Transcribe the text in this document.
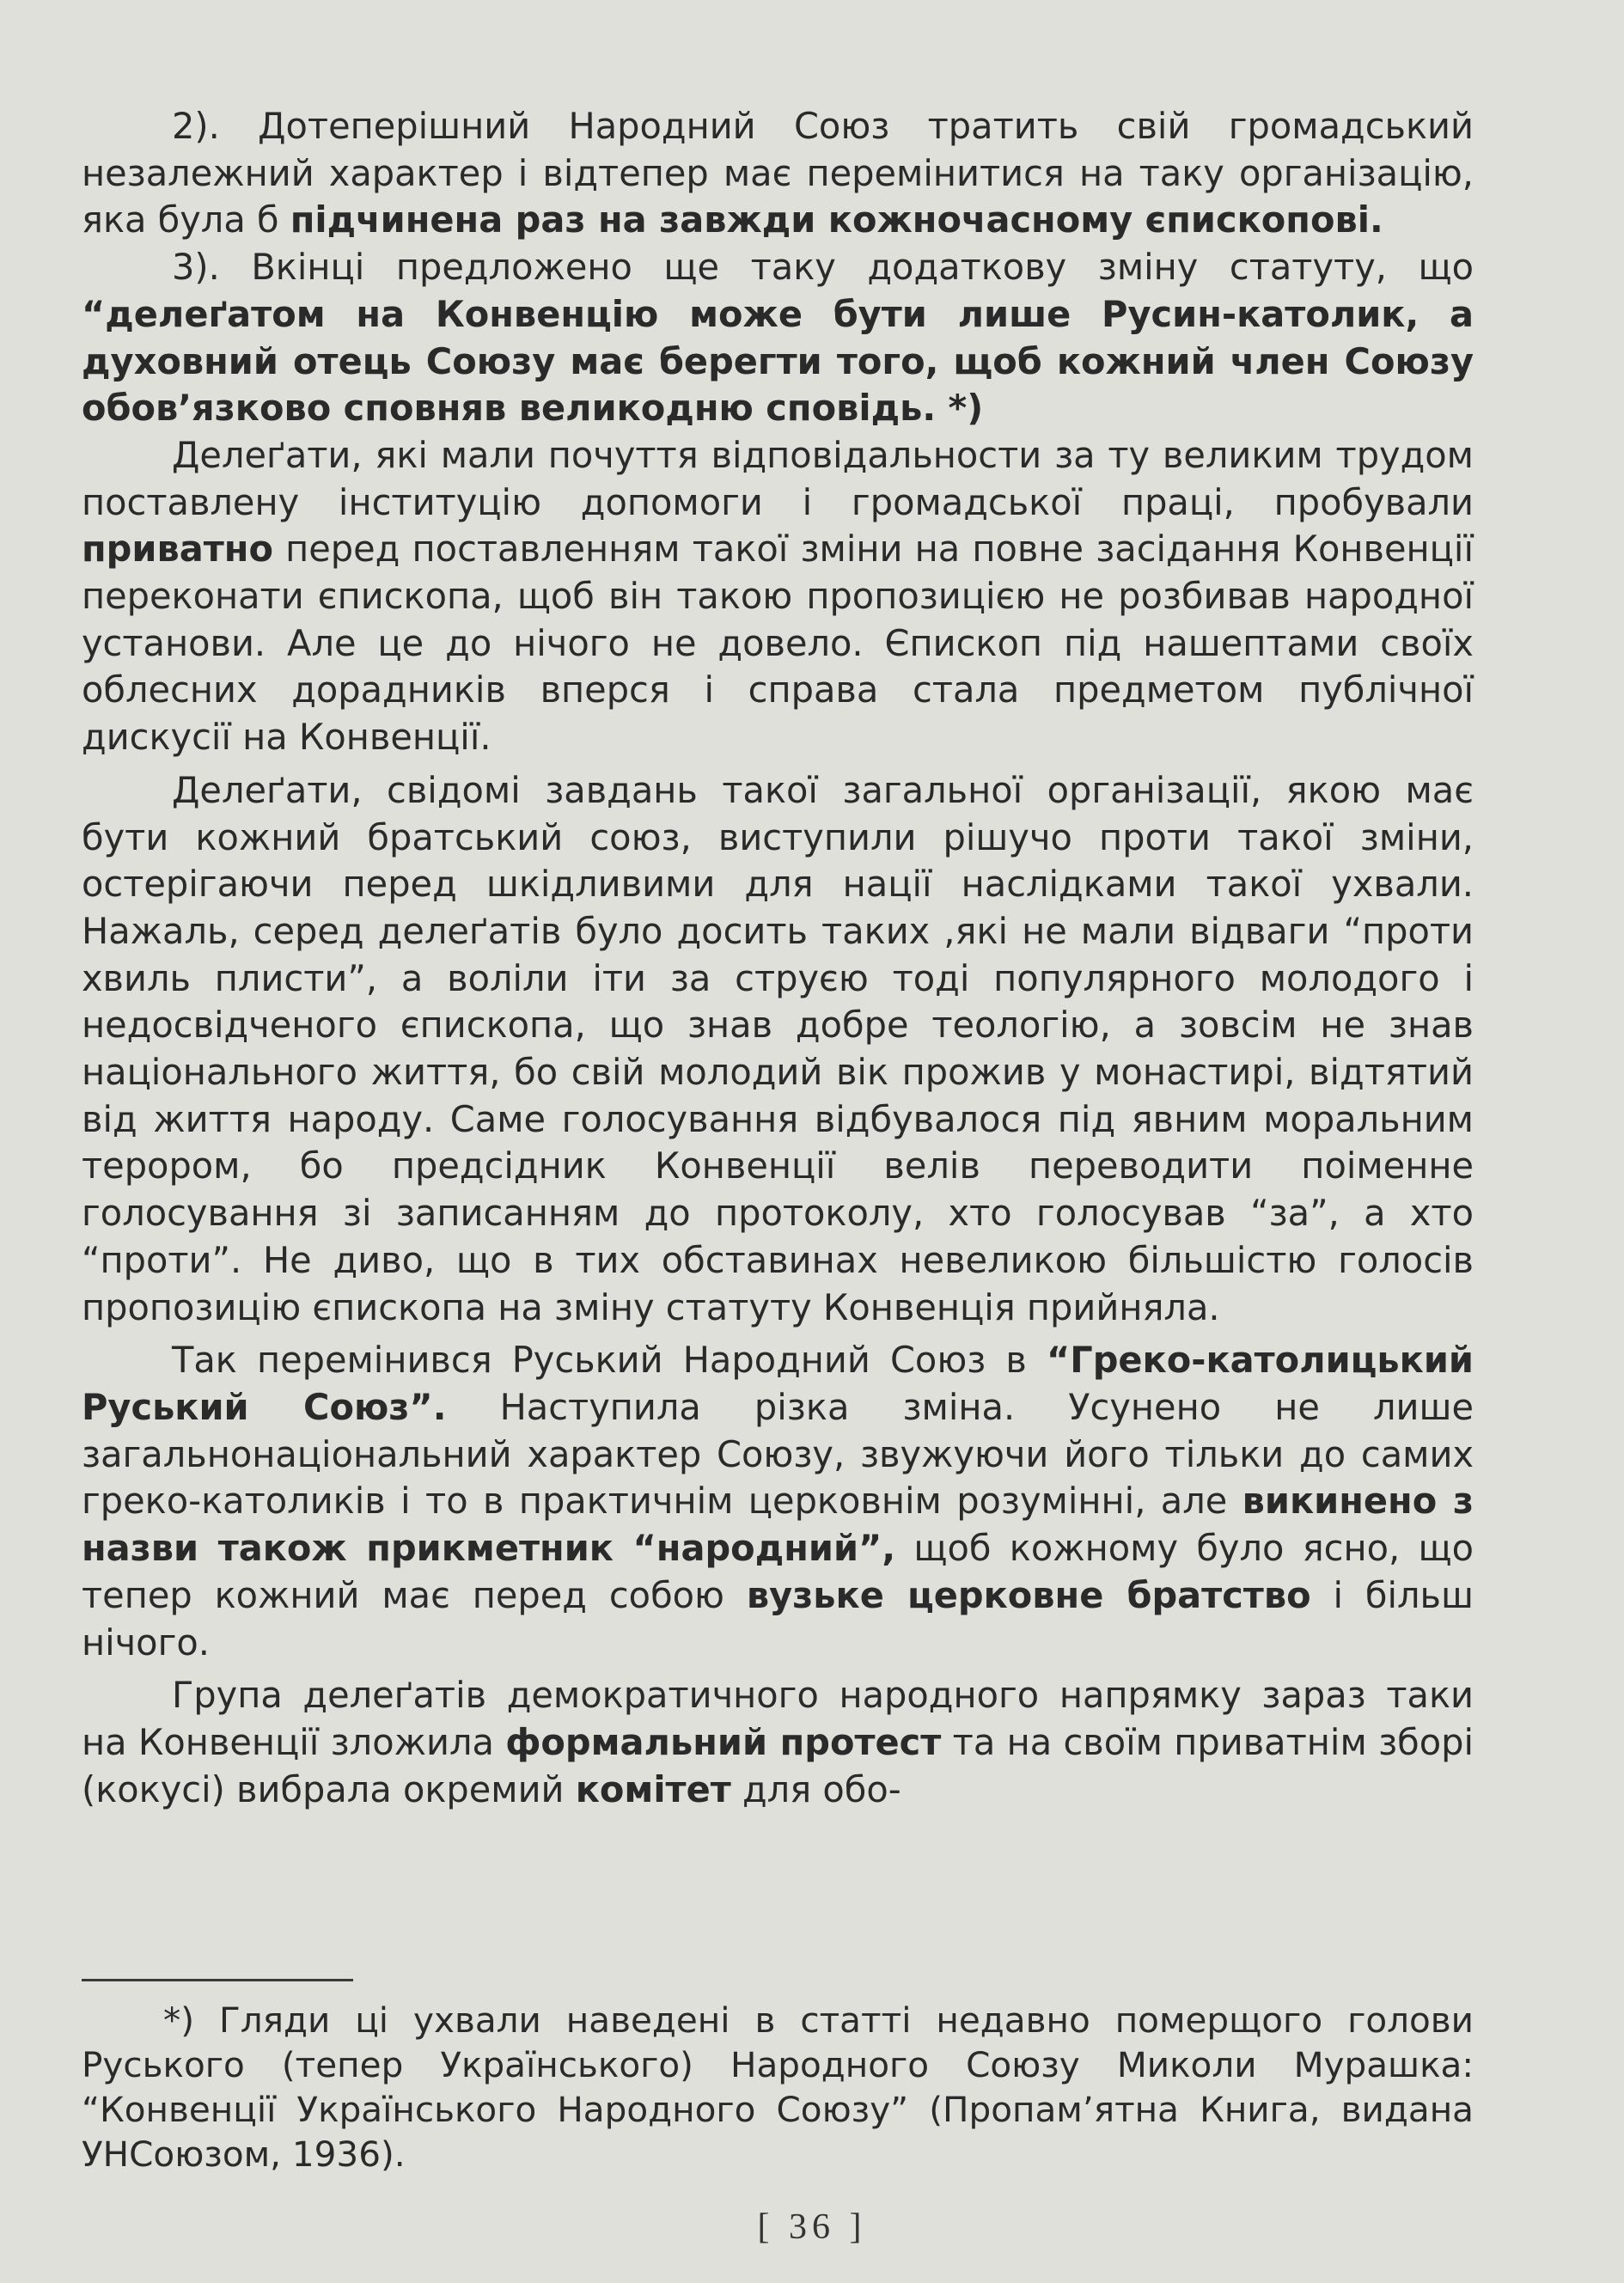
2). Дотеперішний Народний Союз тратить свій громадський незалежний характер і відтепер має перемінитися на таку організацію, яка була б підчинена раз на завжди кожночасному єпископові.

3). Вкінці предложено ще таку додаткову зміну статуту, що “делеґатом на Конвенцію може бути лише Русин-католик, а духовний отець Союзу має берегти того, щоб кожний член Союзу обов’язково сповняв великодню сповідь. *)

Делеґати, які мали почуття відповідальности за ту великим трудом поставлену інституцію допомоги і громадської праці, пробували приватно перед поставленням такої зміни на повне засідання Конвенції переконати єпископа, щоб він такою пропозицією не розбивав народної установи. Але це до нічого не довело. Єпископ під нашептами своїх облесних дорадників вперся і справа стала предметом публічної дискусії на Конвенції.

Делеґати, свідомі завдань такої загальної організації, якою має бути кожний братський союз, виступили рішучо проти такої зміни, остерігаючи перед шкідливими для нації наслідками такої ухвали. Нажаль, серед делеґатів було досить таких ,які не мали відваги “проти хвиль плисти”, а воліли іти за струєю тоді популярного молодого і недосвідченого єпископа, що знав добре теологію, а зовсім не знав національного життя, бо свій молодий вік прожив у монастирі, відтятий від життя народу. Саме голосування відбувалося під явним моральним терором, бо предсідник Конвенції велів переводити поіменне голосування зі записанням до протоколу, хто голосував “за”, а хто “проти”. Не диво, що в тих обставинах невеликою більшістю голосів пропозицію єпископа на зміну статуту Конвенція прийняла.

Так перемінився Руський Народний Союз в “Греко-католицький Руський Союз”. Наступила різка зміна. Усунено не лише загальнонаціональний характер Союзу, звужуючи його тільки до самих греко-католиків і то в практичнім церковнім розумінні, але викинено з назви також прикметник “народний”, щоб кожному було ясно, що тепер кожний має перед собою вузьке церковне братство і більш нічого.

Група делеґатів демократичного народного напрямку зараз таки на Конвенції зложила формальний протест та на своїм приватнім зборі (кокусі) вибрала окремий комітет для обо-

*) Гляди ці ухвали наведені в статті недавно померщого голови Руського (тепер Українського) Народного Союзу Миколи Мурашка: “Конвенції Українського Народного Союзу” (Пропам’ятна Книга, видана УНСоюзом, 1936).

[ 36 ]
